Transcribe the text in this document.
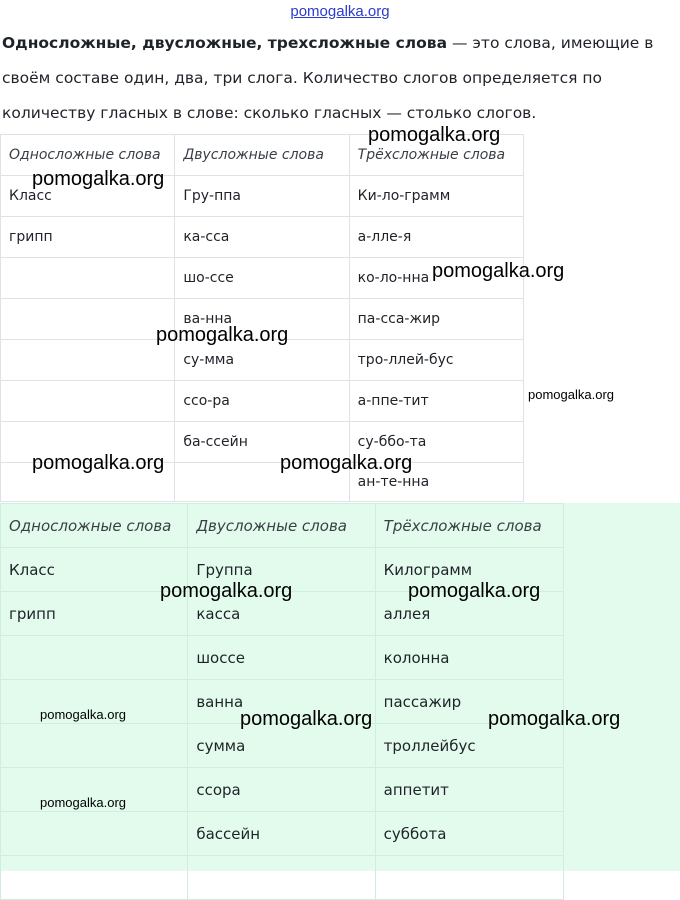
pomogalka.org
Односложные, двусложные, трехсложные слова — это слова, имеющие в своём составе один, два, три слога. Количество слогов определяется по количеству гласных в слове: сколько гласных — столько слогов.
Односложные слова	Двусложные слова	Трёхсложные слова
Класс	Гру-ппа	Ки-ло-грамм
грипп	ка-сса	а-лле-я
	шо-ссе	ко-ло-нна
	ва-нна	па-сса-жир
	су-мма	тро-ллей-бус
	ссо-ра	а-ппе-тит
	ба-ссейн	су-ббо-та
		ан-те-нна
Односложные слова	Двусложные слова	Трёхсложные слова
Класс	Группа	Килограмм
грипп	касса	аллея
	шоссе	колонна
	ванна	пассажир
	сумма	троллейбус
	ссора	аппетит
	бассейн	суббота

pomogalka.org
pomogalka.org
pomogalka.org
pomogalka.org
pomogalka.org
pomogalka.org	pomogalka.org
pomogalka.org	pomogalka.org
pomogalka.org	pomogalka.org	pomogalka.org
pomogalka.org
